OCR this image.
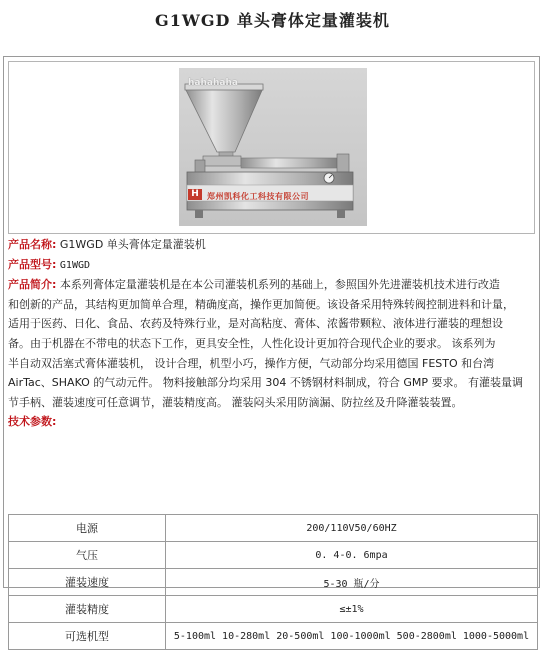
G1WGD 单头膏体定量灌装机
hahahaha
H	郑州凯科化工科技有限公司
产品名称: G1WGD 单头膏体定量灌装机
产品型号: G1WGD
产品简介: 本系列膏体定量灌装机是在本公司灌装机系列的基础上，参照国外先进灌装机技术进行改造
和创新的产品，其结构更加简单合理，精确度高，操作更加简便。该设备采用特殊转阀控制进料和计量，
适用于医药、日化、食品、农药及特殊行业，是对高粘度、膏体、浓酱带颗粒、液体进行灌装的理想设
备。由于机器在不带电的状态下工作，更具安全性，人性化设计更加符合现代企业的要求。 该系列为
半自动双活塞式膏体灌装机， 设计合理，机型小巧，操作方便，气动部分均采用德国 FESTO 和台湾
AirTac、SHAKO 的气动元件。 物料接触部分均采用 304 不锈钢材料制成，符合 GMP 要求。 有灌装量调
节手柄、灌装速度可任意调节，灌装精度高。 灌装闷头采用防滴漏、防拉丝及升降灌装装置。
技术参数:
电源	200/110V50/60HZ
气压	0. 4-0. 6mpa
灌装速度	5-30 瓶/分
灌装精度	≤±1%
可选机型	5-100ml 10-280ml 20-500ml 100-1000ml 500-2800ml 1000-5000ml
